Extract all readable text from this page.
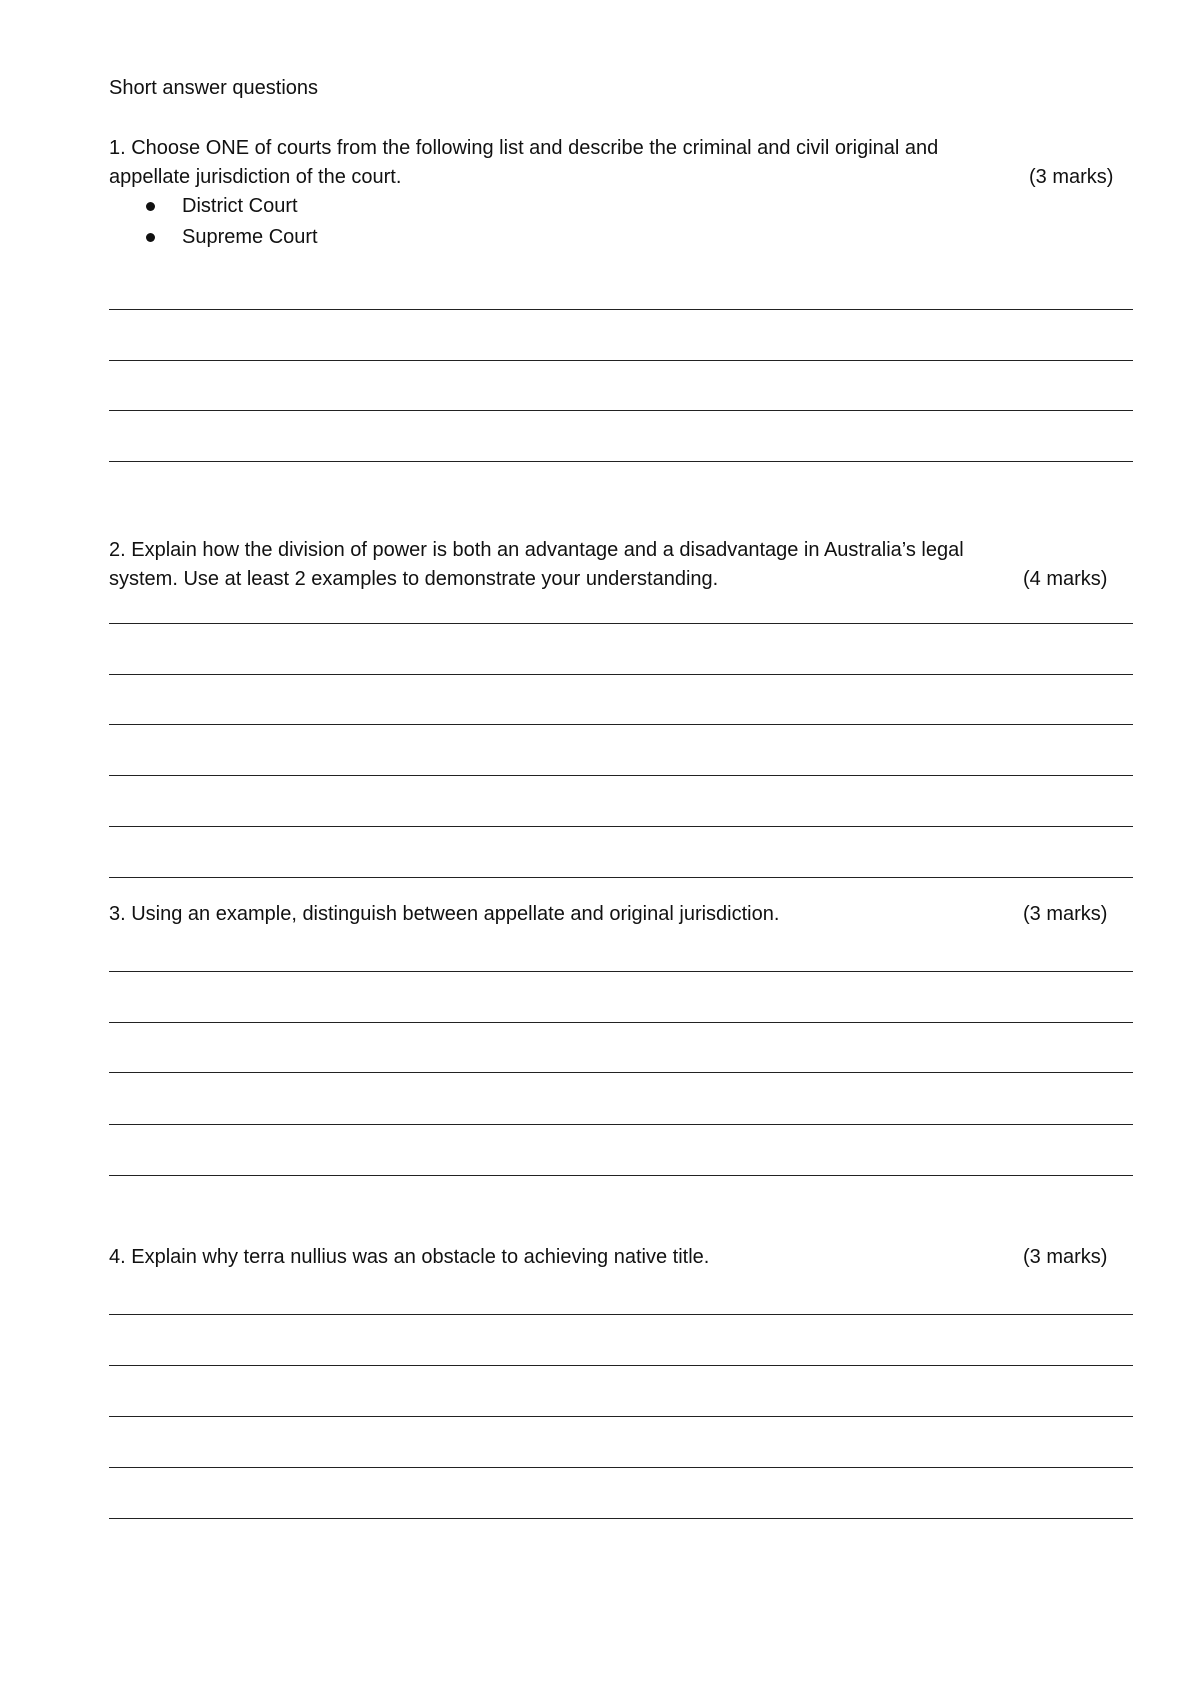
Short answer questions
1. Choose ONE of courts from the following list and describe the criminal and civil original and
appellate jurisdiction of the court.	(3 marks)
District Court
Supreme Court
2. Explain how the division of power is both an advantage and a disadvantage in Australia’s legal
system. Use at least 2 examples to demonstrate your understanding.	(4 marks)
3. Using an example, distinguish between appellate and original jurisdiction.	(3 marks)
4. Explain why terra nullius was an obstacle to achieving native title.	(3 marks)
